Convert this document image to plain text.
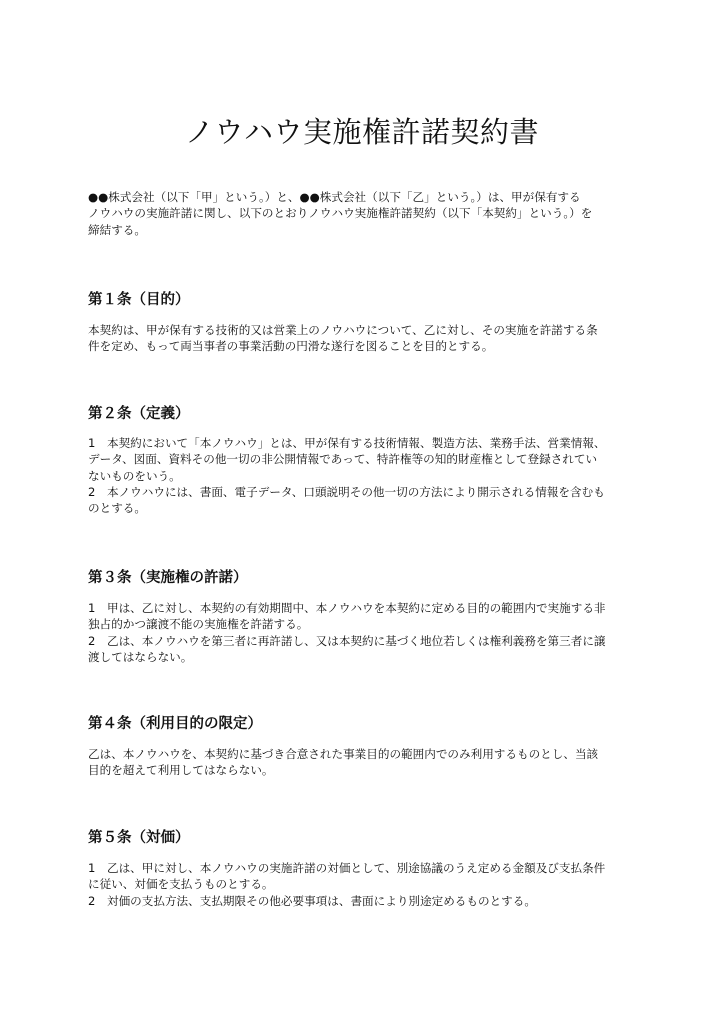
ノウハウ実施権許諾契約書

●●株式会社（以下「甲」という。）と、●●株式会社（以下「乙」という。）は、甲が保有する

ノウハウの実施許諾に関し、以下のとおりノウハウ実施権許諾契約（以下「本契約」という。）を

締結する。

第１条（目的）

本契約は、甲が保有する技術的又は営業上のノウハウについて、乙に対し、その実施を許諾する条

件を定め、もって両当事者の事業活動の円滑な遂行を図ることを目的とする。

第２条（定義）

1　本契約において「本ノウハウ」とは、甲が保有する技術情報、製造方法、業務手法、営業情報、

データ、図面、資料その他一切の非公開情報であって、特許権等の知的財産権として登録されてい

ないものをいう。

2　本ノウハウには、書面、電子データ、口頭説明その他一切の方法により開示される情報を含むも

のとする。

第３条（実施権の許諾）

1　甲は、乙に対し、本契約の有効期間中、本ノウハウを本契約に定める目的の範囲内で実施する非

独占的かつ譲渡不能の実施権を許諾する。

2　乙は、本ノウハウを第三者に再許諾し、又は本契約に基づく地位若しくは権利義務を第三者に譲

渡してはならない。

第４条（利用目的の限定）

乙は、本ノウハウを、本契約に基づき合意された事業目的の範囲内でのみ利用するものとし、当該

目的を超えて利用してはならない。

第５条（対価）

1　乙は、甲に対し、本ノウハウの実施許諾の対価として、別途協議のうえ定める金額及び支払条件

に従い、対価を支払うものとする。

2　対価の支払方法、支払期限その他必要事項は、書面により別途定めるものとする。
